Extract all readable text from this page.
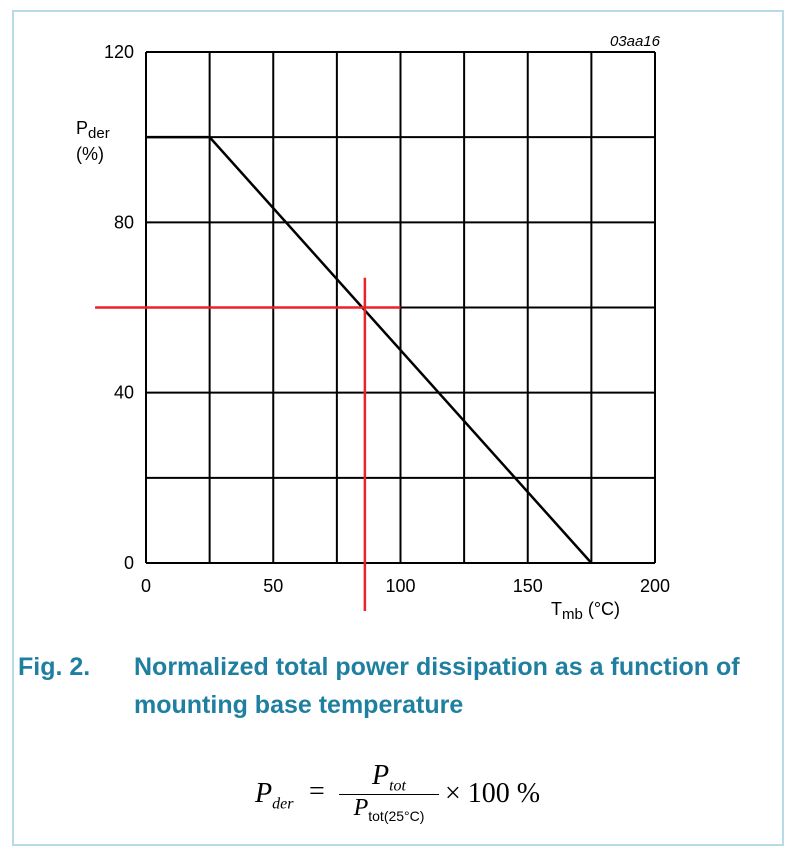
0	50	100	150	200
0
40
80
120
03aa16
$P_{der}$
(%)
$T_{mb}$ (°C)
Fig. 2. Normalized total power dissipation as a function of mounting base temperature
$P_{der}$ =
$P_{tot}$
$P_{tot(25^\circ C)}$
× 100 %
